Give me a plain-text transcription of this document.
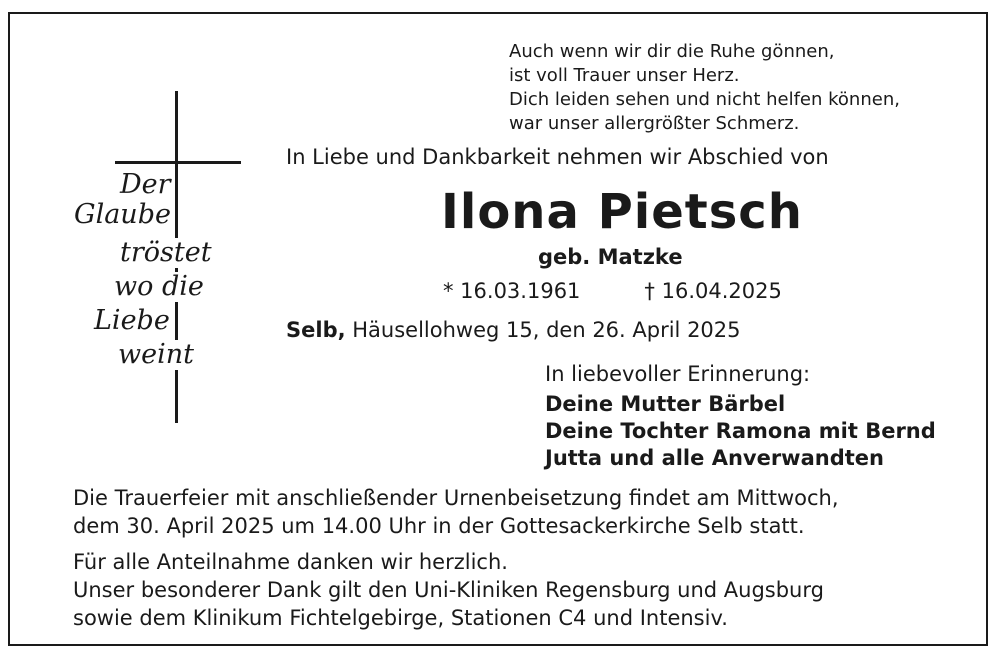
Der
Glaube
tröstet
wo die
Liebe
weint
Auch wenn wir dir die Ruhe gönnen,
ist voll Trauer unser Herz.
Dich leiden sehen und nicht helfen können,
war unser allergrößter Schmerz.
In Liebe und Dankbarkeit nehmen wir Abschied von
Ilona Pietsch
geb. Matzke
* 16.03.1961	† 16.04.2025
Selb, Häusellohweg 15, den 26. April 2025
In liebevoller Erinnerung:
Deine Mutter Bärbel
Deine Tochter Ramona mit Bernd
Jutta und alle Anverwandten
Die Trauerfeier mit anschließender Urnenbeisetzung findet am Mittwoch,
dem 30. April 2025 um 14.00 Uhr in der Gottesackerkirche Selb statt.
Für alle Anteilnahme danken wir herzlich.
Unser besonderer Dank gilt den Uni-Kliniken Regensburg und Augsburg
sowie dem Klinikum Fichtelgebirge, Stationen C4 und Intensiv.
